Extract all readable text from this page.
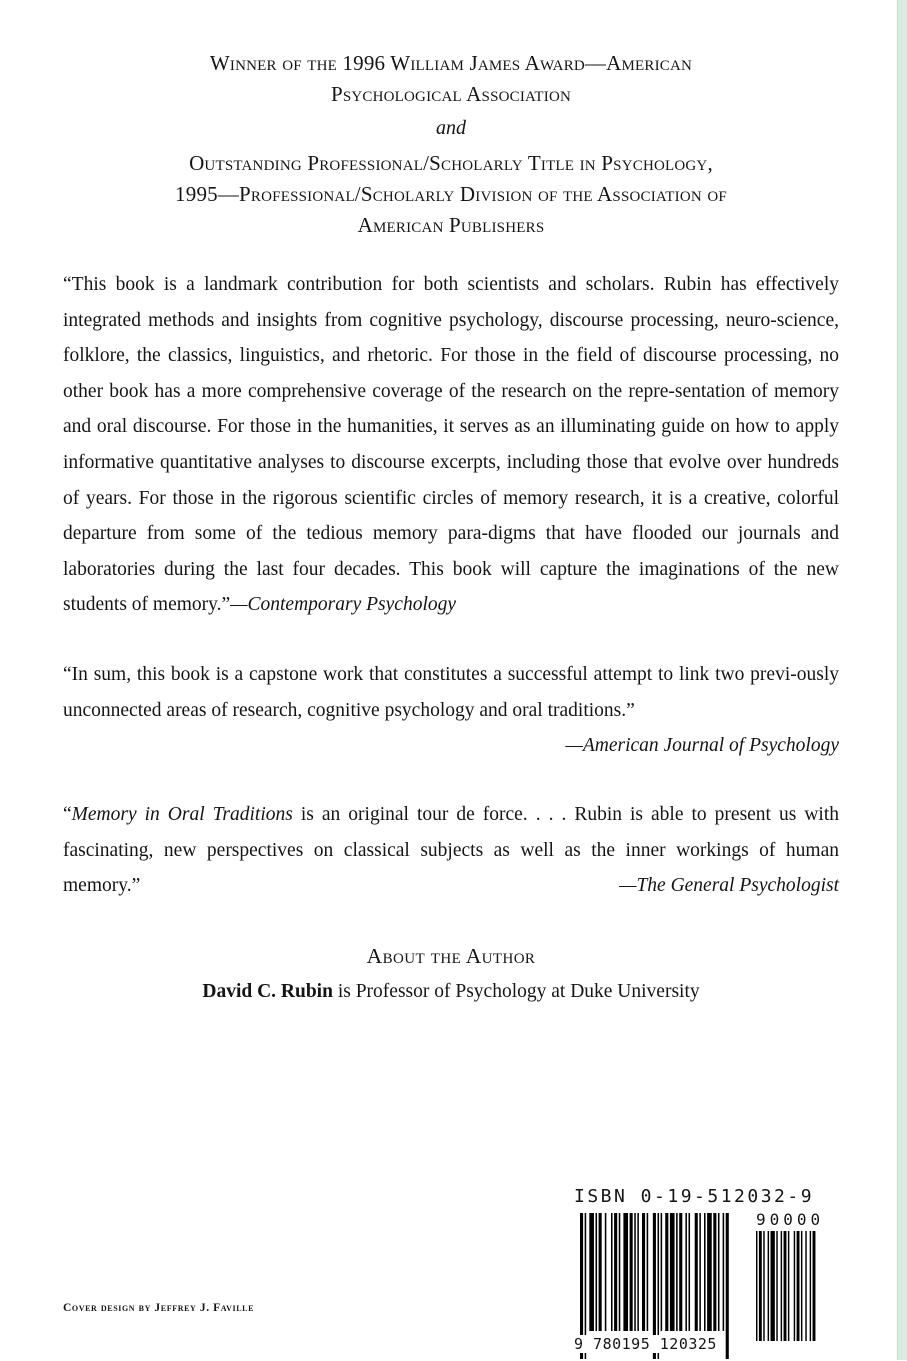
Winner of the 1996 William James Award—American
Psychological Association
and
Outstanding Professional/Scholarly Title in Psychology,
1995—Professional/Scholarly Division of the Association of
American Publishers
“This book is a landmark contribution for both scientists and scholars. Rubin has effectively integrated methods and insights from cognitive psychology, discourse processing, neuro-science, folklore, the classics, linguistics, and rhetoric. For those in the field of discourse processing, no other book has a more comprehensive coverage of the research on the repre-sentation of memory and oral discourse. For those in the humanities, it serves as an illuminating guide on how to apply informative quantitative analyses to discourse excerpts, including those that evolve over hundreds of years. For those in the rigorous scientific circles of memory research, it is a creative, colorful departure from some of the tedious memory para-digms that have flooded our journals and laboratories during the last four decades. This book will capture the imaginations of the new students of memory.”—Contemporary Psychology
“In sum, this book is a capstone work that constitutes a successful attempt to link two previ-ously unconnected areas of research, cognitive psychology and oral traditions.”
—American Journal of Psychology
“Memory in Oral Traditions is an original tour de force. . . . Rubin is able to present us with fascinating, new perspectives on classical subjects as well as the inner workings of human memory.”	—The General Psychologist
About the Author
David C. Rubin is Professor of Psychology at Duke University
Cover design by Jeffrey J. Faville
ISBN 0-19-512032-9
90000
9 780195 120325
